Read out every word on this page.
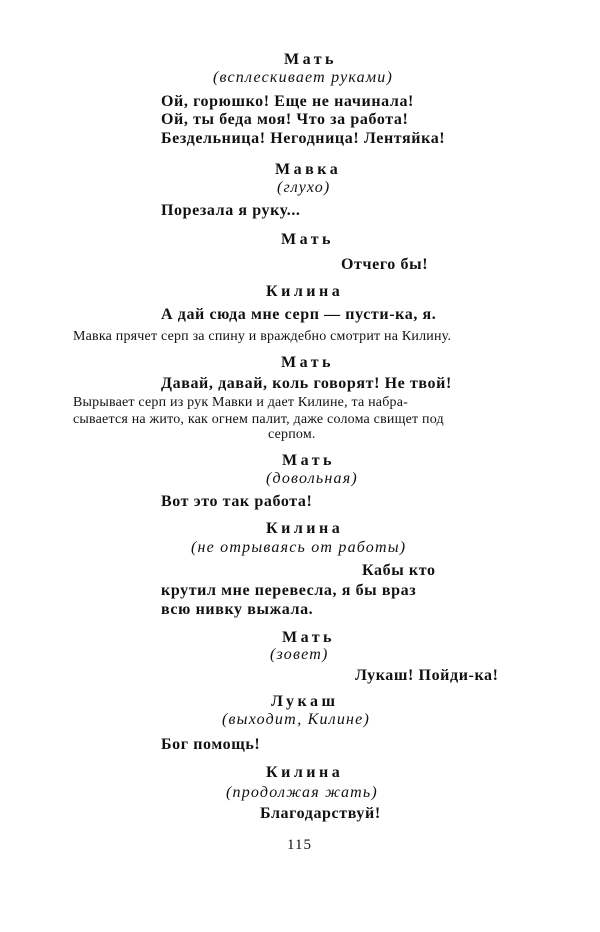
Мать
(всплескивает руками)
Ой, горюшко! Еще не начинала!
Ой, ты беда моя! Что за работа!
Бездельница! Негодница! Лентяйка!
Мавка
(глухо)
Порезала я руку...
Мать
Отчего бы!
Килина
А дай сюда мне серп — пусти-ка, я.
Мавка прячет серп за спину и враждебно смотрит на Килину.
Мать
Давай, давай, коль говорят! Не твой!
Вырывает серп из рук Мавки и дает Килине, та набра-
сывается на жито, как огнем палит, даже солома свищет под
серпом.
Мать
(довольная)
Вот это так работа!
Килина
(не отрываясь от работы)
Кабы кто
крутил мне перевесла, я бы враз
всю нивку выжала.
Мать
(зовет)
Лукаш! Пойди-ка!
Лукаш
(выходит, Килине)
Бог помощь!
Килина
(продолжая жать)
Благодарствуй!
115
